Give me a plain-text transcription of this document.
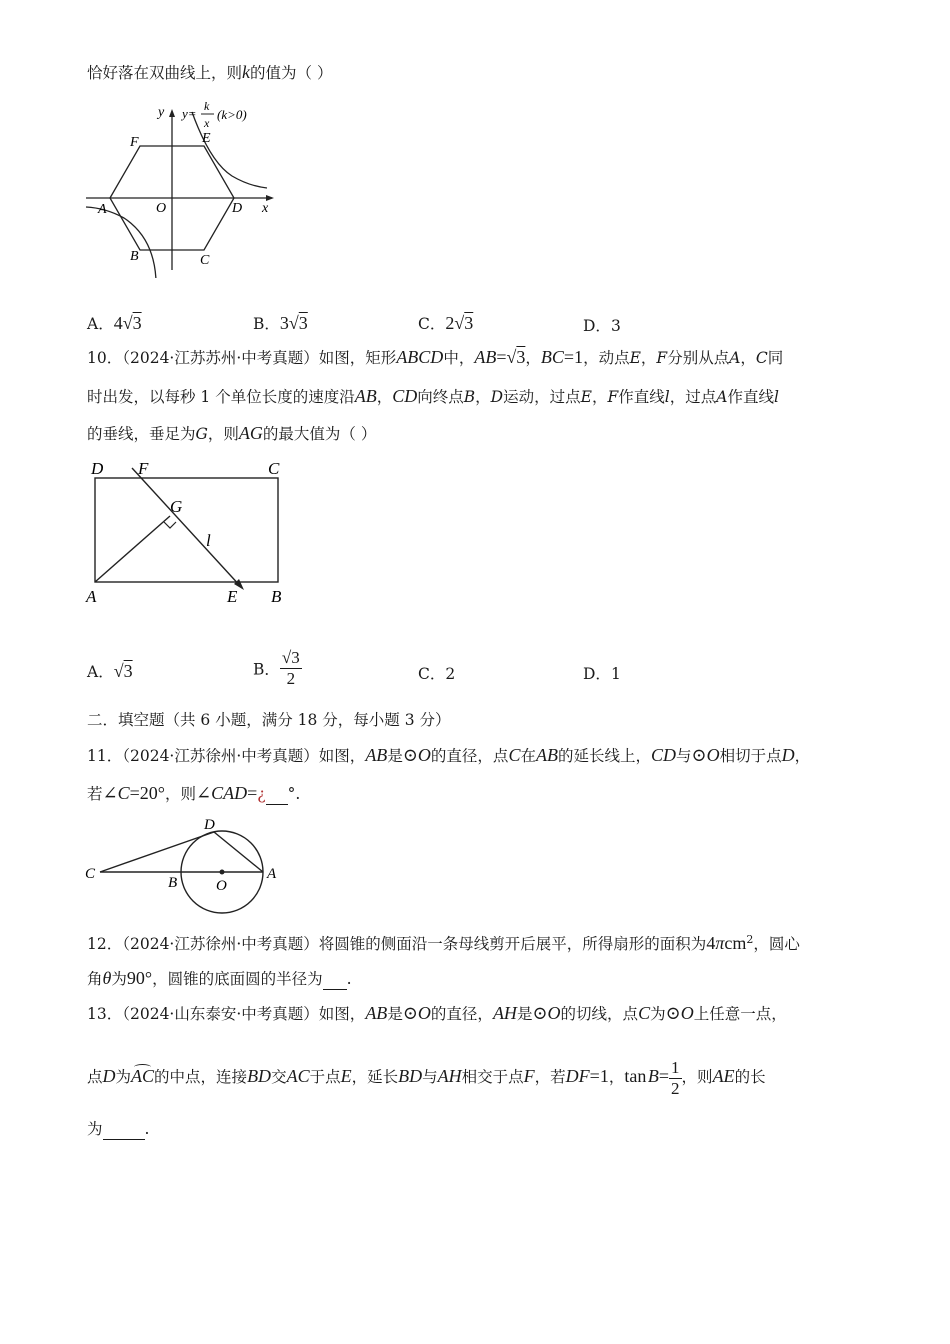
恰好落在双曲线上，则k的值为（ ）
y
x
y= k
x
(k>0)
F	E
A	O	D
B	C
A．4√3	B．3√3	C．2√3	D．3
10．（2024·江苏苏州·中考真题）如图，矩形ABCD中，AB=√3，BC=1，动点E，F分别从点A，C同
时出发，以每秒 1 个单位长度的速度沿AB，CD向终点B，D运动，过点E，F作直线l，过点A作直线l
的垂线，垂足为G，则AG的最大值为（ ）
D F	C
G
l
A	E B
A．√3	B． $\frac{√3}{2}$	C．2	D．1
二．填空题（共 6 小题，满分 18 分，每小题 3 分）
11．（2024·江苏徐州·中考真题）如图，AB是⊙O的直径，点C在AB的延长线上，CD与⊙O相切于点D，
若∠C=20°，则∠CAD=¿ °.
D
C
B	O
A
12．（2024·江苏徐州·中考真题）将圆锥的侧面沿一条母线剪开后展平，所得扇形的面积为4πcm$^2$，圆心
角θ为90°，圆锥的底面圆的半径为 .
13．（2024·山东泰安·中考真题）如图，AB是⊙O的直径，AH是⊙O的切线，点C为⊙O上任意一点，
点D为AC
的中点，连接BD交AC于点E，延长BD与AH相交于点F，若DF=1，tan $B= \frac{1}{2}$ ，则AE的长
为	.
